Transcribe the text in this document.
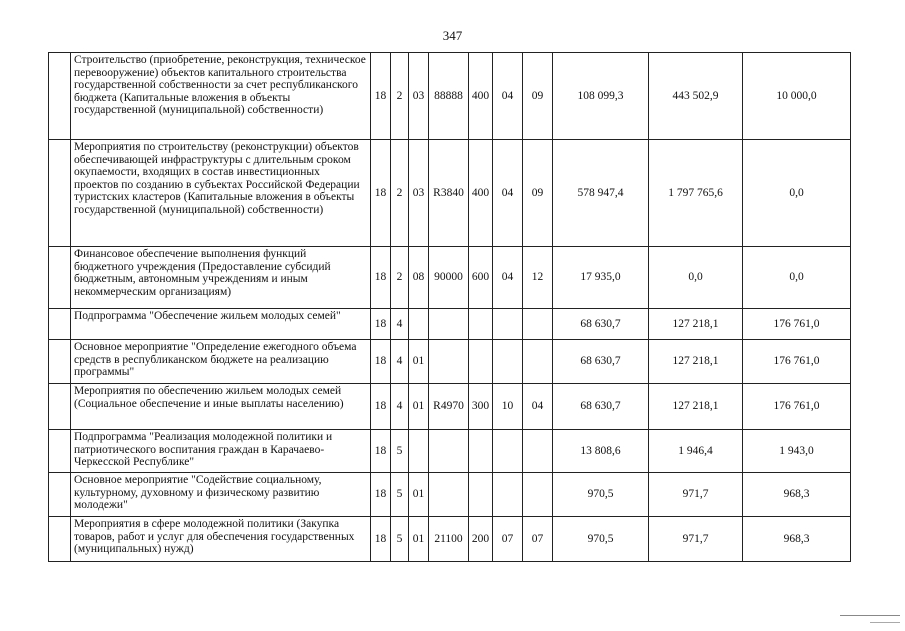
347
	Строительство (приобретение, реконструкция, техническое перевооружение) объектов капитального строительства государственной собственности за счет республиканского бюджета (Капитальные вложения в объекты государственной (муниципальной) собственности)	18	2	03	88888	400	04	09	108 099,3	443 502,9	10 000,0
	Мероприятия по строительству (реконструкции) объектов обеспечивающей инфраструктуры с длительным сроком окупаемости, входящих в состав инвестиционных проектов по созданию в субъектах Российской Федерации туристских кластеров (Капитальные вложения в объекты государственной (муниципальной) собственности)	18	2	03	R3840	400	04	09	578 947,4	1 797 765,6	0,0
	Финансовое обеспечение выполнения функций бюджетного учреждения (Предоставление субсидий бюджетным, автономным учреждениям и иным некоммерческим организациям)	18	2	08	90000	600	04	12	17 935,0	0,0	0,0
	Подпрограмма "Обеспечение жильем молодых семей"	18	4						68 630,7	127 218,1	176 761,0
	Основное мероприятие "Определение ежегодного объема средств в республиканском бюджете на реализацию программы"	18	4	01					68 630,7	127 218,1	176 761,0
	Мероприятия по обеспечению жильем молодых семей (Социальное обеспечение и иные выплаты населению)	18	4	01	R4970	300	10	04	68 630,7	127 218,1	176 761,0
	Подпрограмма "Реализация молодежной политики и патриотического воспитания граждан в Карачаево-Черкесской Республике"	18	5						13 808,6	1 946,4	1 943,0
	Основное мероприятие "Содействие социальному, культурному, духовному и физическому развитию молодежи"	18	5	01					970,5	971,7	968,3
	Мероприятия в сфере молодежной политики (Закупка товаров, работ и услуг для обеспечения государственных (муниципальных) нужд)	18	5	01	21100	200	07	07	970,5	971,7	968,3
